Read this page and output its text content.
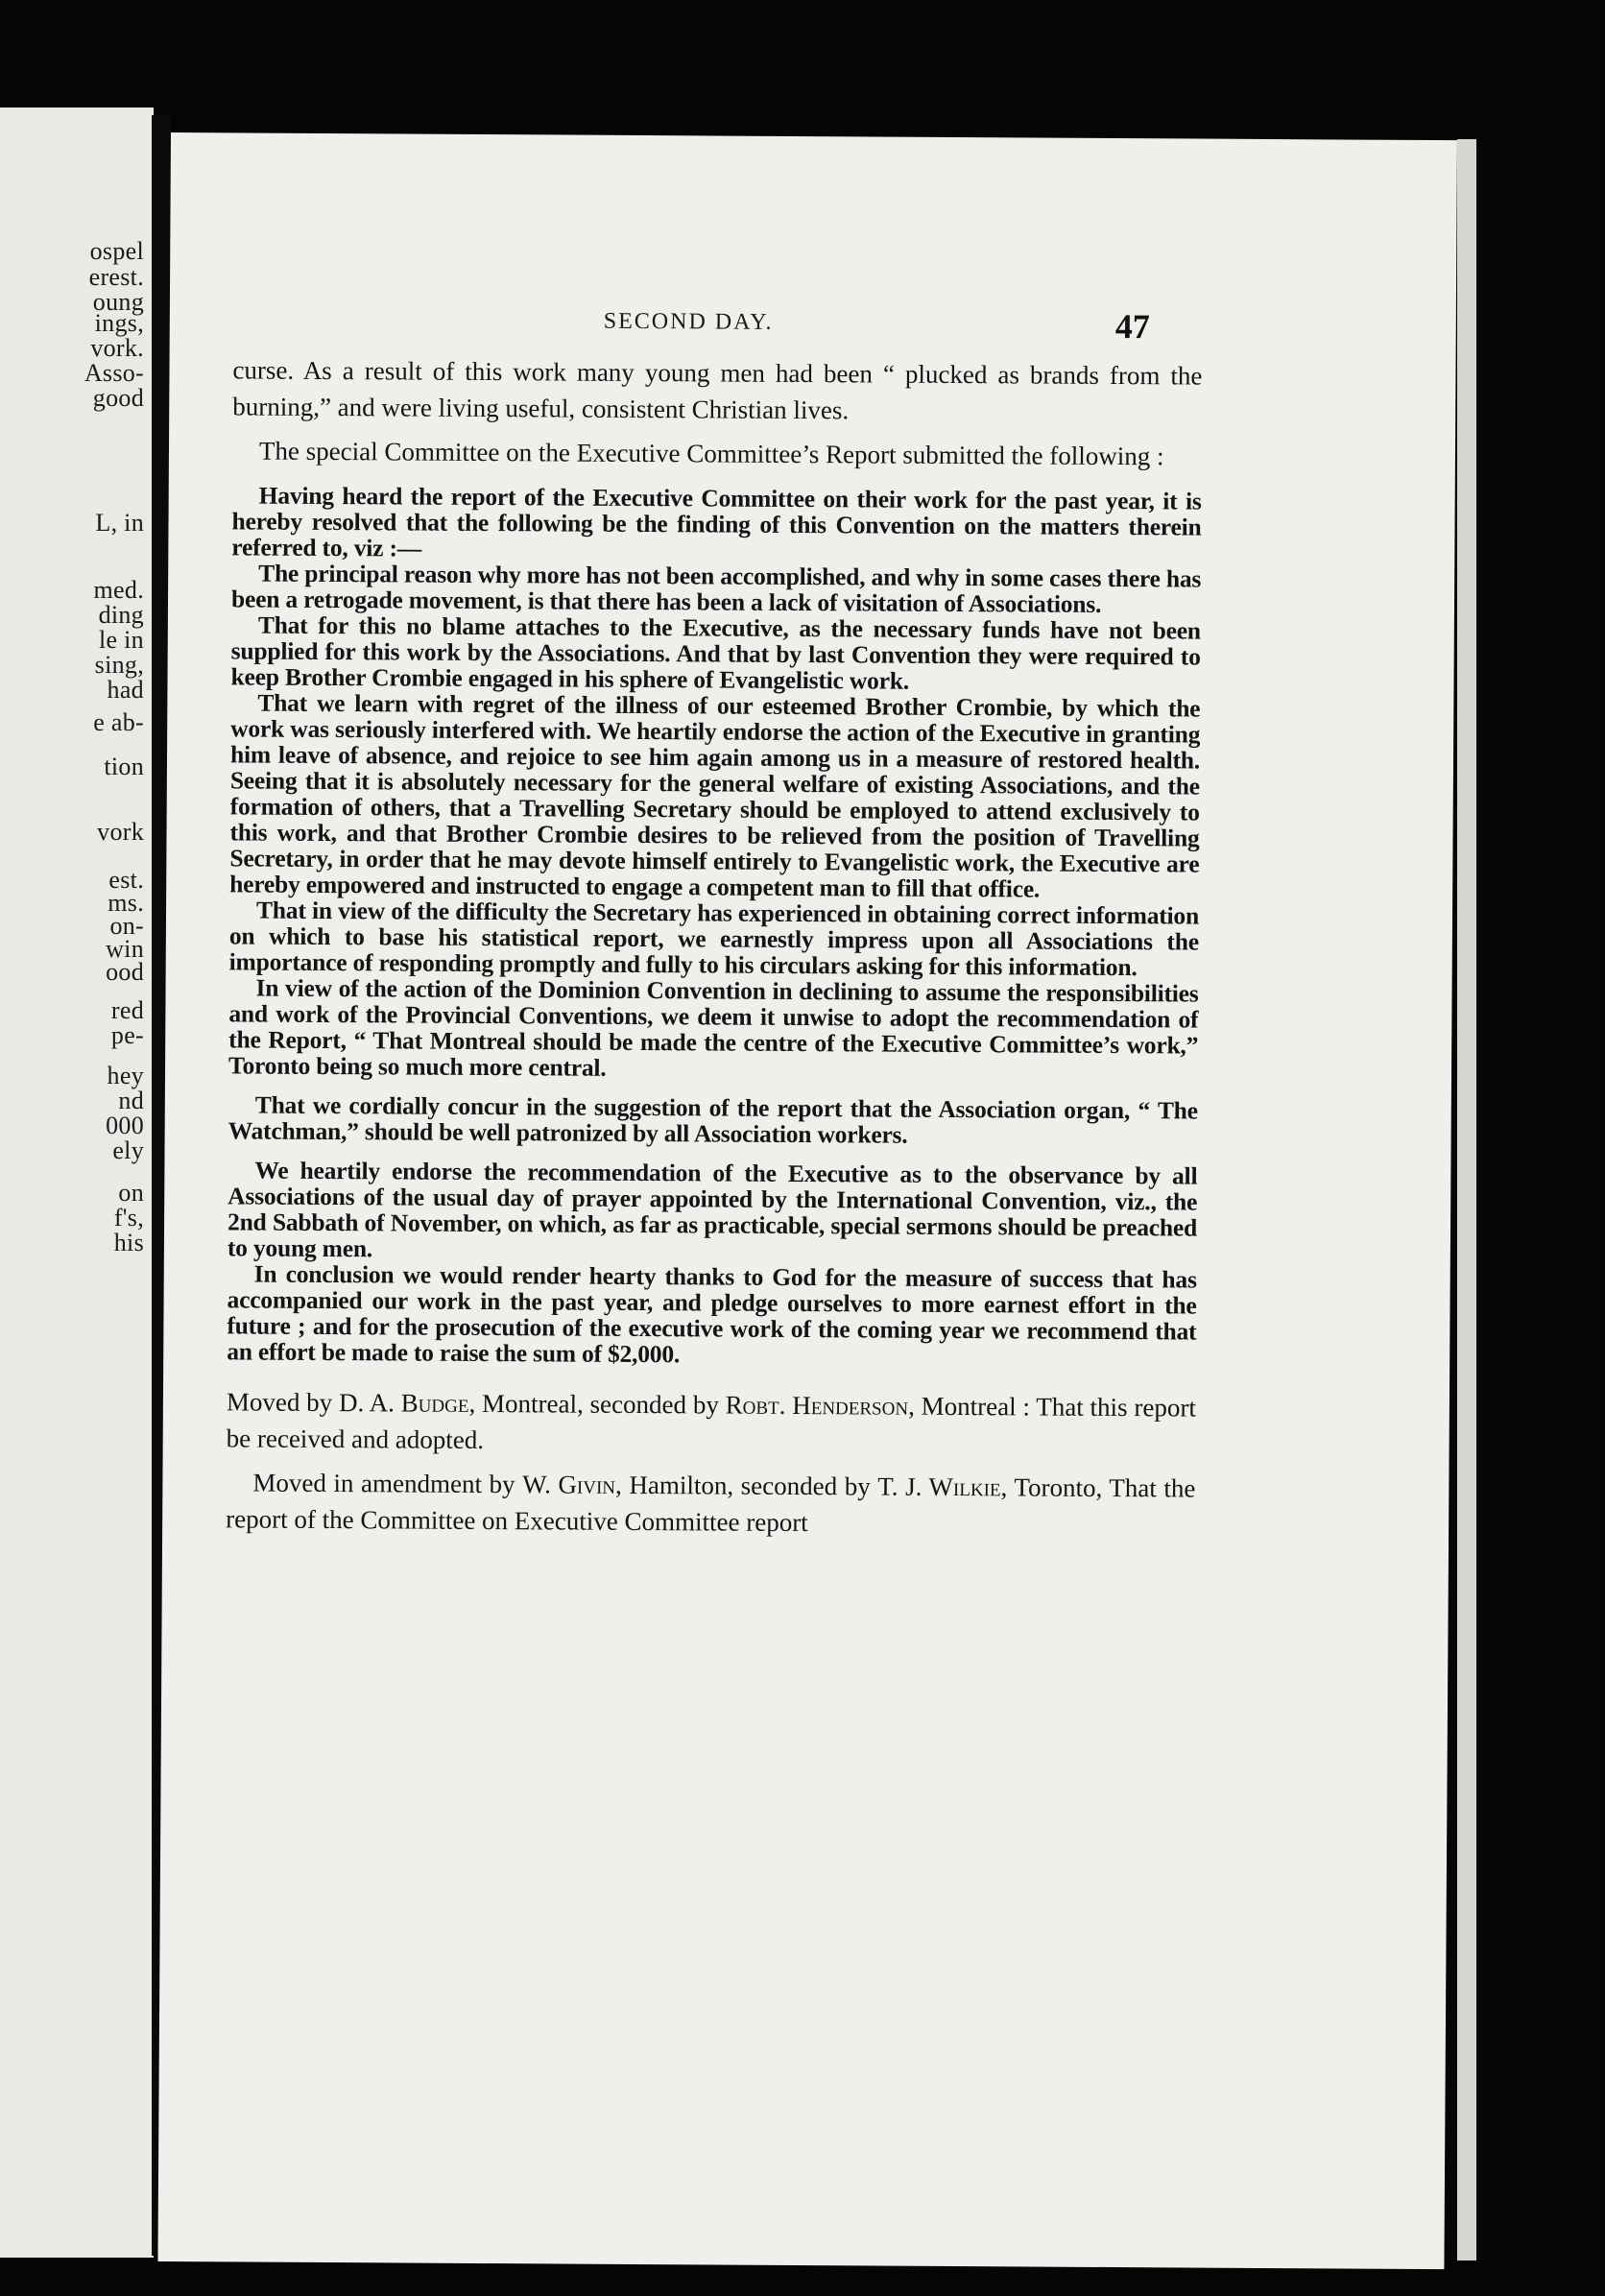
ospel
erest.
oung
ings,
vork.
Asso-
good
L, in
med.
ding
le in
sing,
had
e ab-
tion
vork
est.
ms.
on-
win
ood
red
pe-
hey
nd
000
ely
on
f's,
his
SECOND DAY.	47

curse. As a result of this work many young men had been “ plucked as brands from the burning,” and were living useful, consistent Christian lives.

The special Committee on the Executive Committee’s Report submitted the following :

Having heard the report of the Executive Committee on their work for the past year, it is hereby resolved that the following be the finding of this Convention on the matters therein referred to, viz :—

The principal reason why more has not been accomplished, and why in some cases there has been a retrogade movement, is that there has been a lack of visitation of Associations.

That for this no blame attaches to the Executive, as the necessary funds have not been supplied for this work by the Associations. And that by last Convention they were required to keep Brother Crombie engaged in his sphere of Evangelistic work.

That we learn with regret of the illness of our esteemed Brother Crombie, by which the work was seriously interfered with. We heartily endorse the action of the Executive in granting him leave of absence, and rejoice to see him again among us in a measure of restored health. Seeing that it is absolutely necessary for the general welfare of existing Associations, and the formation of others, that a Travelling Secretary should be employed to attend exclusively to this work, and that Brother Crombie desires to be relieved from the position of Travelling Secretary, in order that he may devote himself entirely to Evangelistic work, the Executive are hereby empowered and instructed to engage a competent man to fill that office.

That in view of the difficulty the Secretary has experienced in obtaining correct information on which to base his statistical report, we earnestly impress upon all Associations the importance of responding promptly and fully to his circulars asking for this information.

In view of the action of the Dominion Convention in declining to assume the responsibilities and work of the Provincial Conventions, we deem it unwise to adopt the recommendation of the Report, “ That Montreal should be made the centre of the Executive Committee’s work,” Toronto being so much more central.

That we cordially concur in the suggestion of the report that the Association organ, “ The Watchman,” should be well patronized by all Association workers.

We heartily endorse the recommendation of the Executive as to the observance by all Associations of the usual day of prayer appointed by the International Convention, viz., the 2nd Sabbath of November, on which, as far as practicable, special sermons should be preached to young men.

In conclusion we would render hearty thanks to God for the measure of success that has accompanied our work in the past year, and pledge ourselves to more earnest effort in the future ; and for the prosecution of the executive work of the coming year we recommend that an effort be made to raise the sum of $2,000.

Moved by D. A. Budge, Montreal, seconded by Robt. Henderson, Montreal : That this report be received and adopted.

Moved in amendment by W. Givin, Hamilton, seconded by T. J. Wilkie, Toronto, That the report of the Committee on Executive Committee report
